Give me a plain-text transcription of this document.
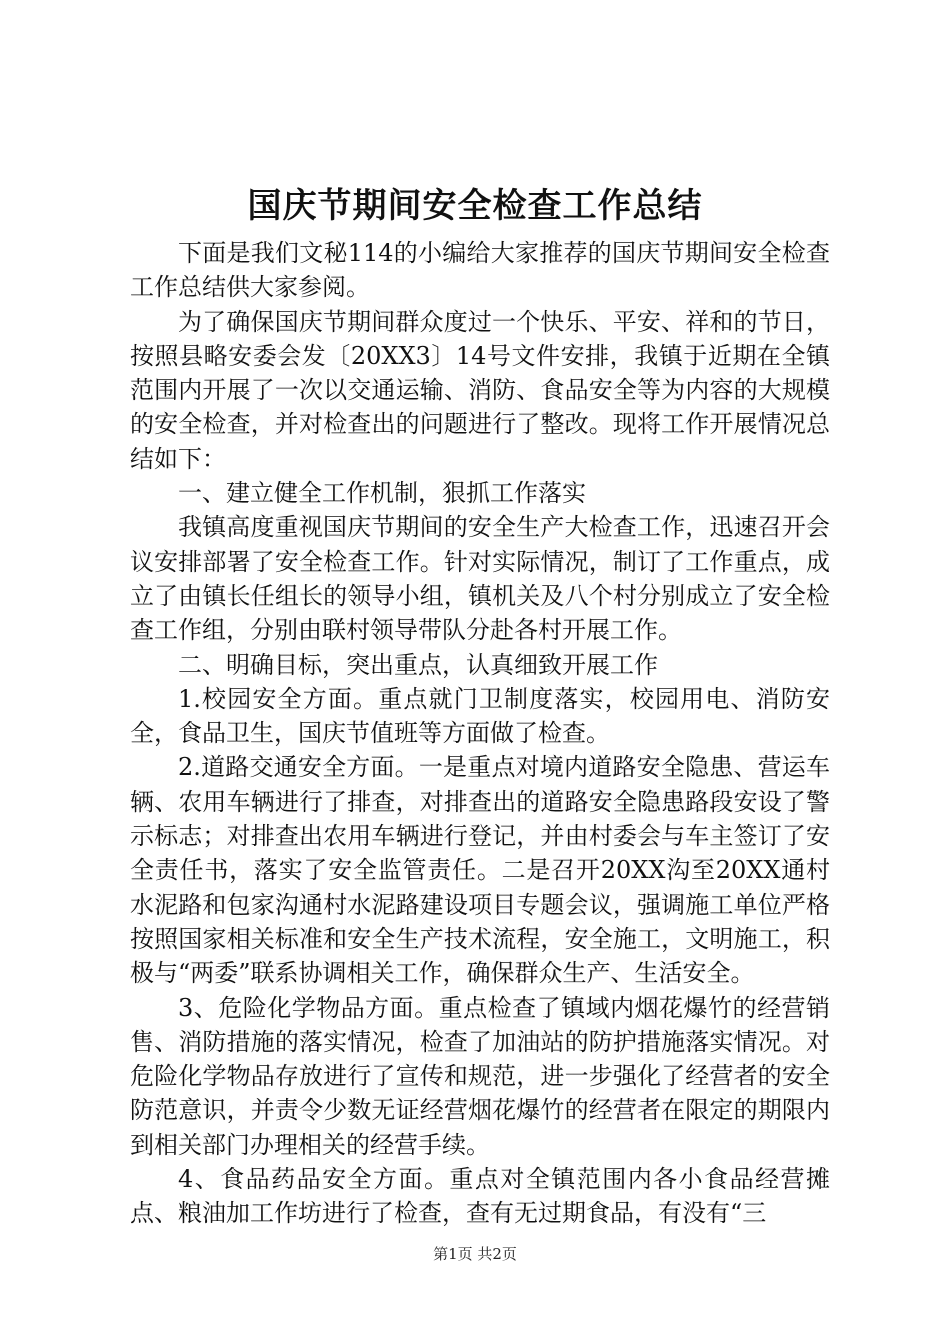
国庆节期间安全检查工作总结

下面是我们文秘114的小编给大家推荐的国庆节期间安全检查工作总结供大家参阅。

为了确保国庆节期间群众度过一个快乐、平安、祥和的节日，按照县略安委会发〔20XX3〕14号文件安排，我镇于近期在全镇范围内开展了一次以交通运输、消防、食品安全等为内容的大规模的安全检查，并对检查出的问题进行了整改。现将工作开展情况总结如下：

一、建立健全工作机制，狠抓工作落实

我镇高度重视国庆节期间的安全生产大检查工作，迅速召开会议安排部署了安全检查工作。针对实际情况，制订了工作重点，成立了由镇长任组长的领导小组，镇机关及八个村分别成立了安全检查工作组，分别由联村领导带队分赴各村开展工作。

二、明确目标，突出重点，认真细致开展工作

1.校园安全方面。重点就门卫制度落实，校园用电、消防安全，食品卫生，国庆节值班等方面做了检查。

2.道路交通安全方面。一是重点对境内道路安全隐患、营运车辆、农用车辆进行了排查，对排查出的道路安全隐患路段安设了警示标志；对排查出农用车辆进行登记，并由村委会与车主签订了安全责任书，落实了安全监管责任。二是召开20XX沟至20XX通村水泥路和包家沟通村水泥路建设项目专题会议，强调施工单位严格按照国家相关标准和安全生产技术流程，安全施工，文明施工，积极与“两委”联系协调相关工作，确保群众生产、生活安全。

3、危险化学物品方面。重点检查了镇域内烟花爆竹的经营销售、消防措施的落实情况，检查了加油站的防护措施落实情况。对危险化学物品存放进行了宣传和规范，进一步强化了经营者的安全防范意识，并责令少数无证经营烟花爆竹的经营者在限定的期限内到相关部门办理相关的经营手续。

4、食品药品安全方面。重点对全镇范围内各小食品经营摊点、粮油加工作坊进行了检查，查有无过期食品，有没有“三

第1页 共2页
